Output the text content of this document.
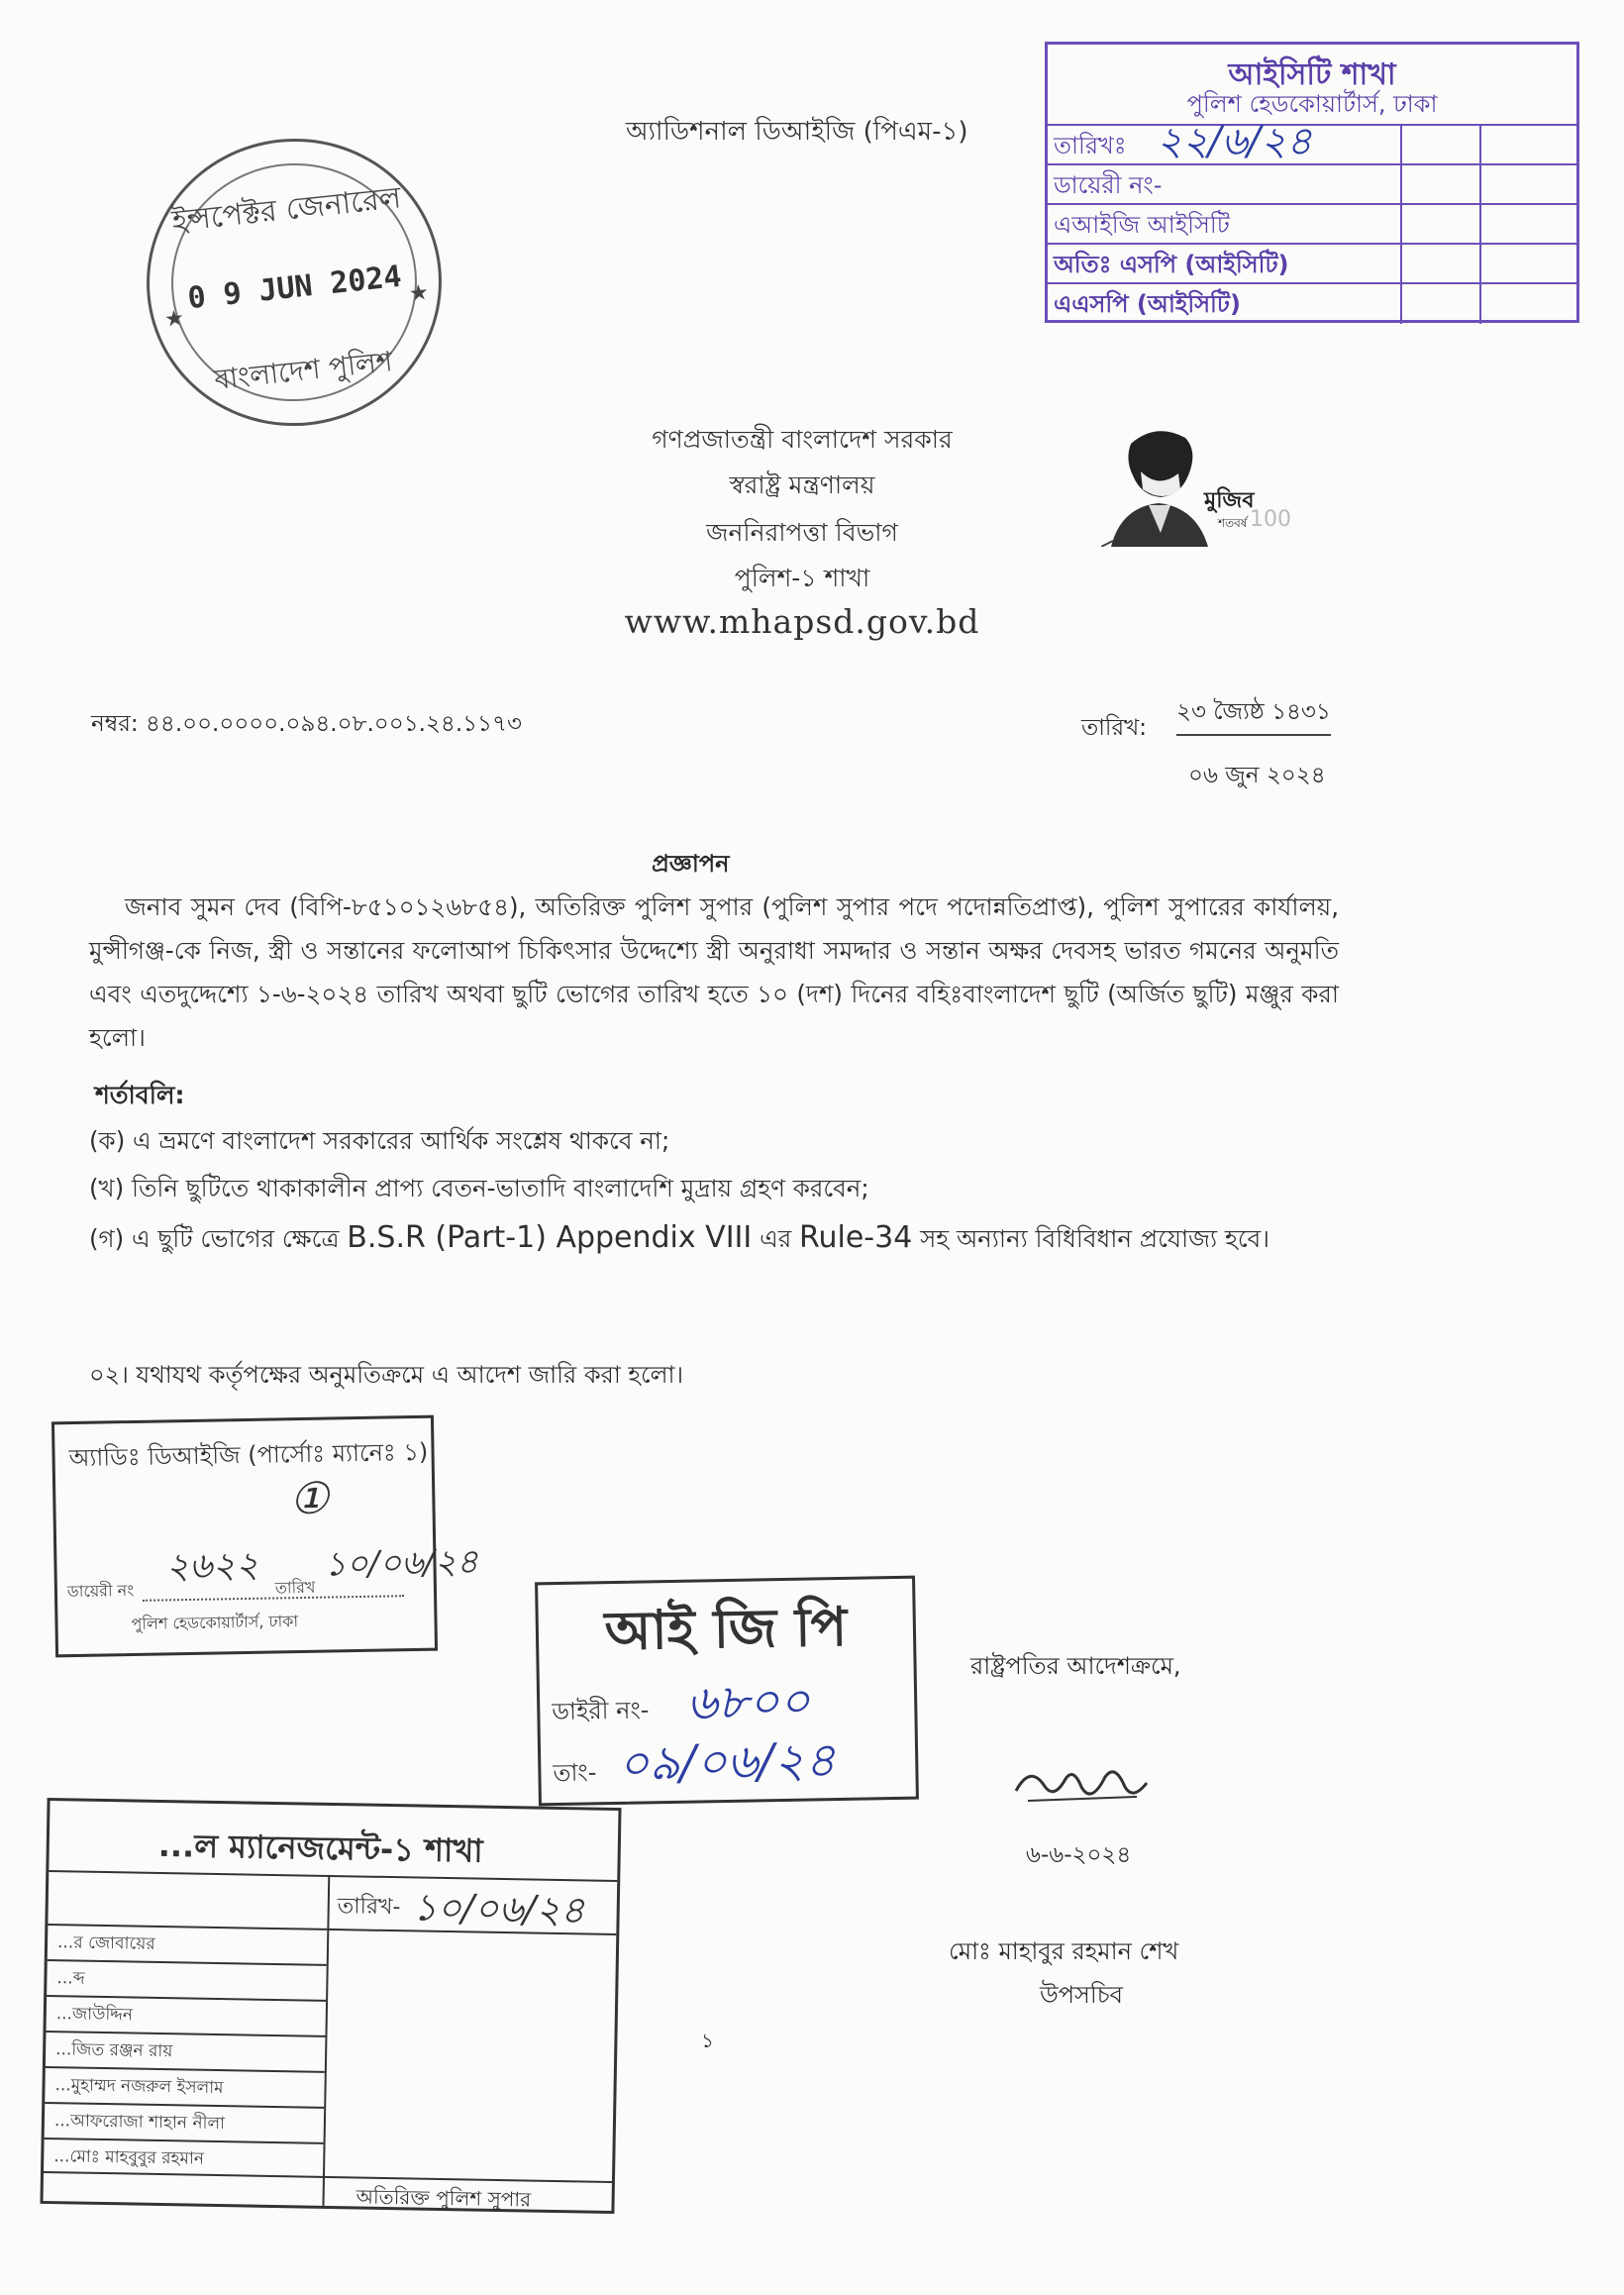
অ্যাডিশনাল ডিআইজি (পিএম-১)
আইসিটি শাখা
পুলিশ হেডকোয়ার্টার্স, ঢাকা
তারিখঃ ২২/৬/২৪
ডায়েরী নং-
এআইজি আইসিটি
অতিঃ এসপি (আইসিটি)
এএসপি (আইসিটি)
ইন্সপেক্টর জেনারেল
★
★
0 9 JUN 2024
বাংলাদেশ পুলিশ
গণপ্রজাতন্ত্রী বাংলাদেশ সরকার
স্বরাষ্ট্র মন্ত্রণালয়
জননিরাপত্তা বিভাগ
পুলিশ-১ শাখা
www.mhapsd.gov.bd
মুজিব
শতবর্ষ 100
নম্বর: ৪৪.০০.০০০০.০৯৪.০৮.০০১.২৪.১১৭৩	তারিখ:
২৩ জ্যৈষ্ঠ ১৪৩১
০৬ জুন ২০২৪
প্রজ্ঞাপন
জনাব সুমন দেব (বিপি-৮৫১০১২৬৮৫৪), অতিরিক্ত পুলিশ সুপার (পুলিশ সুপার পদে পদোন্নতিপ্রাপ্ত), পুলিশ সুপারের কার্যালয়, মুন্সীগঞ্জ-কে নিজ, স্ত্রী ও সন্তানের ফলোআপ চিকিৎসার উদ্দেশ্যে স্ত্রী অনুরাধা সমদ্দার ও সন্তান অক্ষর দেবসহ ভারত গমনের অনুমতি এবং এতদুদ্দেশ্যে ১-৬-২০২৪ তারিখ অথবা ছুটি ভোগের তারিখ হতে ১০ (দশ) দিনের বহিঃবাংলাদেশ ছুটি (অর্জিত ছুটি) মঞ্জুর করা হলো।
শর্তাবলি:
(ক) এ ভ্রমণে বাংলাদেশ সরকারের আর্থিক সংশ্লেষ থাকবে না;
(খ) তিনি ছুটিতে থাকাকালীন প্রাপ্য বেতন-ভাতাদি বাংলাদেশি মুদ্রায় গ্রহণ করবেন;
(গ) এ ছুটি ভোগের ক্ষেত্রে B.S.R (Part-1) Appendix VIII এর Rule-34 সহ অন্যান্য বিধিবিধান প্রযোজ্য হবে।
০২। যথাযথ কর্তৃপক্ষের অনুমতিক্রমে এ আদেশ জারি করা হলো।
অ্যাডিঃ ডিআইজি (পার্সোঃ ম্যানেঃ ১)
①
২৬২২ ১০/০৬/২৪
ডায়েরী নং	তারিখ
পুলিশ হেডকোয়ার্টার্স, ঢাকা	আই জি পি
ডাইরী নং- ৬৮০০
তাং- ০৯/০৬/২৪
রাষ্ট্রপতির আদেশক্রমে,
৬-৬-২০২৪
মোঃ মাহাবুর রহমান শেখ
উপসচিব
...ল ম্যানেজমেন্ট-১ শাখা
তারিখ- ১০/০৬/২৪
...র জোবায়ের
...ব্দ
...জাউদ্দিন
...জিত রঞ্জন রায়
...মুহাম্মদ নজরুল ইসলাম
...আফরোজা শাহান নীলা
...মোঃ মাহবুবুর রহমান
অতিরিক্ত পুলিশ সুপার
১
